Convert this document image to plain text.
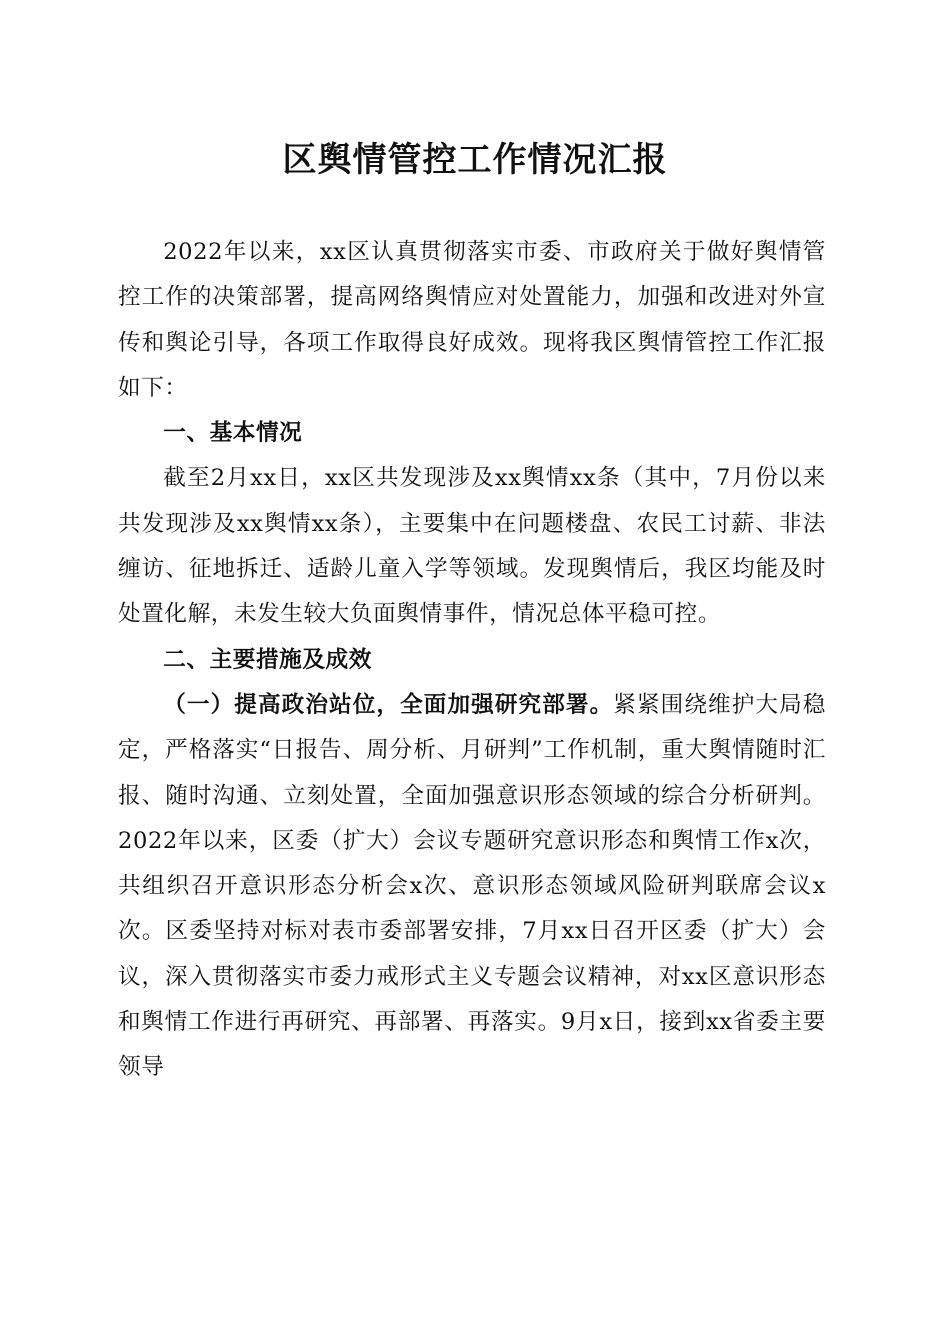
区舆情管控工作情况汇报

2022年以来，xx区认真贯彻落实市委、市政府关于做好舆情管控工作的决策部署，提高网络舆情应对处置能力，加强和改进对外宣传和舆论引导，各项工作取得良好成效。现将我区舆情管控工作汇报如下：

一、基本情况

截至2月xx日，xx区共发现涉及xx舆情xx条（其中，7月份以来共发现涉及xx舆情xx条），主要集中在问题楼盘、农民工讨薪、非法缠访、征地拆迁、适龄儿童入学等领域。发现舆情后，我区均能及时处置化解，未发生较大负面舆情事件，情况总体平稳可控。

二、主要措施及成效

（一）提高政治站位，全面加强研究部署。紧紧围绕维护大局稳定，严格落实“日报告、周分析、月研判”工作机制，重大舆情随时汇报、随时沟通、立刻处置，全面加强意识形态领域的综合分析研判。2022年以来，区委（扩大）会议专题研究意识形态和舆情工作x次，共组织召开意识形态分析会x次、意识形态领域风险研判联席会议x次。区委坚持对标对表市委部署安排，7月xx日召开区委（扩大）会议，深入贯彻落实市委力戒形式主义专题会议精神，对xx区意识形态和舆情工作进行再研究、再部署、再落实。9月x日，接到xx省委主要领导
